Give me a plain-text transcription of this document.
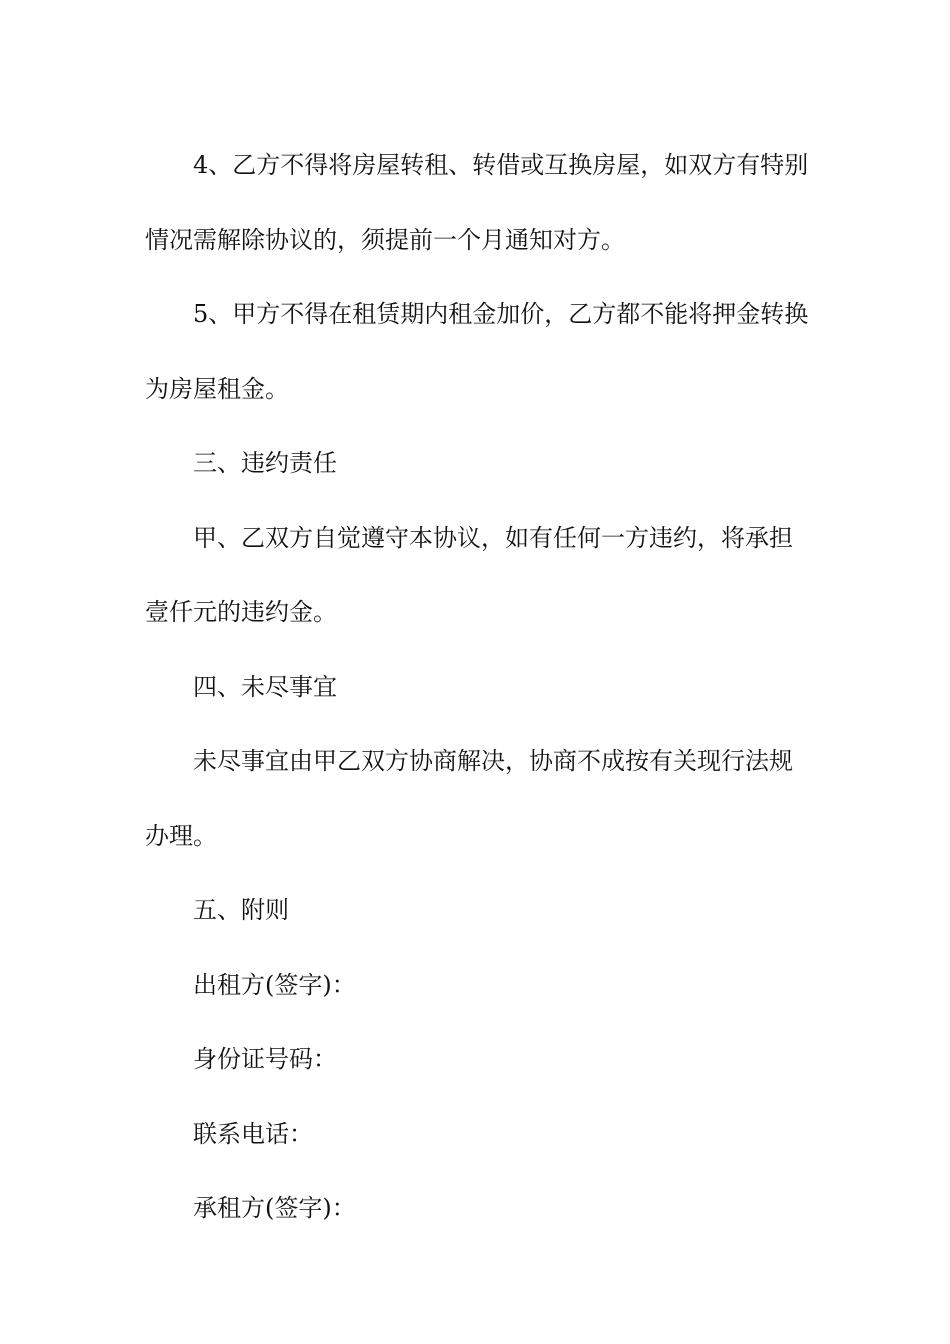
4、乙方不得将房屋转租、转借或互换房屋，如双方有特别
情况需解除协议的，须提前一个月通知对方。
5、甲方不得在租赁期内租金加价，乙方都不能将押金转换
为房屋租金。
三、违约责任
甲、乙双方自觉遵守本协议，如有任何一方违约，将承担
壹仟元的违约金。
四、未尽事宜
未尽事宜由甲乙双方协商解决，协商不成按有关现行法规
办理。
五、附则
出租方(签字)：
身份证号码：
联系电话：
承租方(签字)：
